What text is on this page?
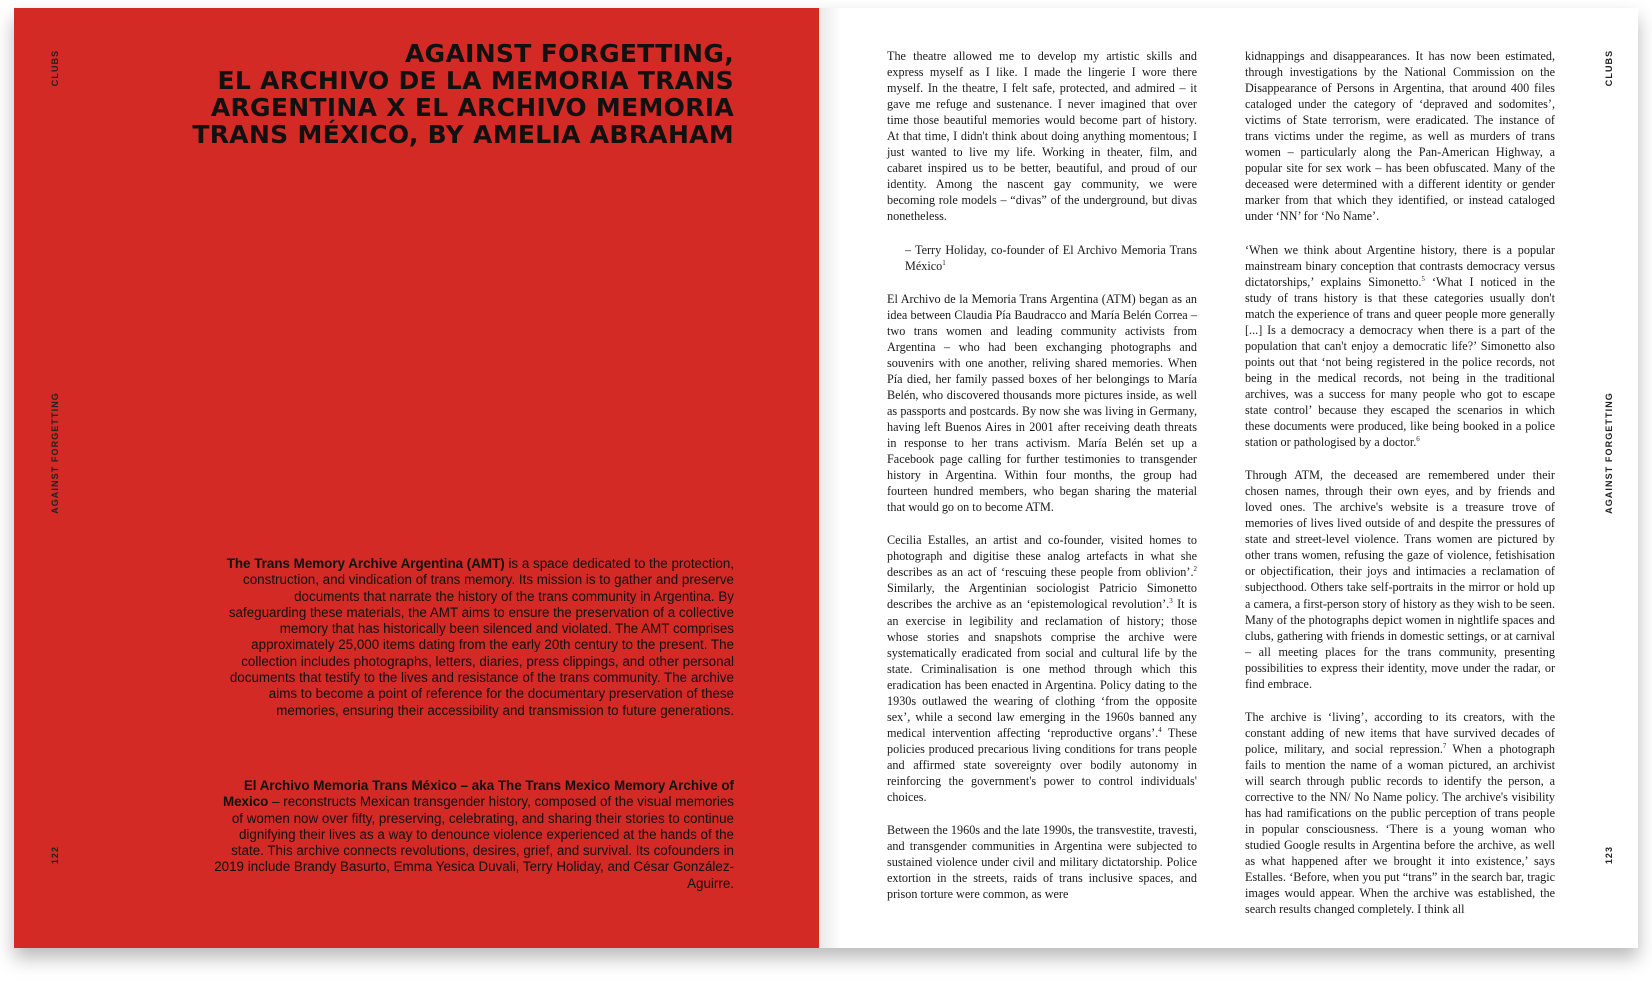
CLUBS
AGAINST FORGETTING
122
AGAINST FORGETTING,
EL ARCHIVO DE LA MEMORIA TRANS
ARGENTINA X EL ARCHIVO MEMORIA
TRANS MÉXICO, BY AMELIA ABRAHAM

The Trans Memory Archive Argentina (AMT) is a space dedicated to the protection, construction, and vindication of trans memory. Its mission is to gather and preserve documents that narrate the history of the trans community in Argentina. By safeguarding these materials, the AMT aims to ensure the preservation of a collective memory that has historically been silenced and violated. The AMT comprises approximately 25,000 items dating from the early 20th century to the present. The collection includes photographs, letters, diaries, press clippings, and other personal documents that testify to the lives and resistance of the trans community. The archive aims to become a point of reference for the documentary preservation of these memories, ensuring their accessibility and transmission to future generations.

El Archivo Memoria Trans México – aka The Trans Mexico Memory Archive of Mexico – reconstructs Mexican transgender history, composed of the visual memories of women now over fifty, preserving, celebrating, and sharing their stories to continue dignifying their lives as a way to denounce violence experienced at the hands of the state. This archive connects revolutions, desires, grief, and survival. Its cofounders in 2019 include Brandy Basurto, Emma Yesica Duvali, Terry Holiday, and César González-Aguirre.

The theatre allowed me to develop my artistic skills and express myself as I like. I made the lingerie I wore there myself. In the theatre, I felt safe, protected, and admired – it gave me refuge and sustenance. I never imagined that over time those beautiful memories would become part of history. At that time, I didn't think about doing anything momentous; I just wanted to live my life. Working in theater, film, and cabaret inspired us to be better, beautiful, and proud of our identity. Among the nascent gay community, we were becoming role models – “divas” of the underground, but divas nonetheless.

– Terry Holiday, co-founder of El Archivo Memoria Trans México$^1$

El Archivo de la Memoria Trans Argentina (ATM) began as an idea between Claudia Pía Baudracco and María Belén Correa – two trans women and leading community activists from Argentina – who had been exchanging photographs and souvenirs with one another, reliving shared memories. When Pía died, her family passed boxes of her belongings to María Belén, who discovered thousands more pictures inside, as well as passports and postcards. By now she was living in Germany, having left Buenos Aires in 2001 after receiving death threats in response to her trans activism. María Belén set up a Facebook page calling for further testimonies to transgender history in Argentina. Within four months, the group had fourteen hundred members, who began sharing the material that would go on to become ATM.

Cecilia Estalles, an artist and co-founder, visited homes to photograph and digitise these analog artefacts in what she describes as an act of ‘rescuing these people from oblivion’.$^2$ Similarly, the Argentinian sociologist Patricio Simonetto describes the archive as an ‘epistemological revolution’.$^3$ It is an exercise in legibility and reclamation of history; those whose stories and snapshots comprise the archive were systematically eradicated from social and cultural life by the state. Criminalisation is one method through which this eradication has been enacted in Argentina. Policy dating to the 1930s outlawed the wearing of clothing ‘from the opposite sex’, while a second law emerging in the 1960s banned any medical intervention affecting ‘reproductive organs’.$^4$ These policies produced precarious living conditions for trans people and affirmed state sovereignty over bodily autonomy in reinforcing the government's power to control individuals' choices.

Between the 1960s and the late 1990s, the transvestite, travesti, and transgender communities in Argentina were subjected to sustained violence under civil and military dictatorship. Police extortion in the streets, raids of trans inclusive spaces, and prison torture were common, as were

kidnappings and disappearances. It has now been estimated, through investigations by the National Commission on the Disappearance of Persons in Argentina, that around 400 files cataloged under the category of ‘depraved and sodomites’, victims of State terrorism, were eradicated. The instance of trans victims under the regime, as well as murders of trans women – particularly along the Pan-American Highway, a popular site for sex work – has been obfuscated. Many of the deceased were determined with a different identity or gender marker from that which they identified, or instead cataloged under ‘NN’ for ‘No Name’.

‘When we think about Argentine history, there is a popular mainstream binary conception that contrasts democracy versus dictatorships,’ explains Simonetto.$^5$ ‘What I noticed in the study of trans history is that these categories usually don't match the experience of trans and queer people more generally [...] Is a democracy a democracy when there is a part of the population that can't enjoy a democratic life?’ Simonetto also points out that ‘not being registered in the police records, not being in the medical records, not being in the traditional archives, was a success for many people who got to escape state control’ because they escaped the scenarios in which these documents were produced, like being booked in a police station or pathologised by a doctor.$^6$

Through ATM, the deceased are remembered under their chosen names, through their own eyes, and by friends and loved ones. The archive's website is a treasure trove of memories of lives lived outside of and despite the pressures of state and street-level violence. Trans women are pictured by other trans women, refusing the gaze of violence, fetishisation or objectification, their joys and intimacies a reclamation of subjecthood. Others take self-portraits in the mirror or hold up a camera, a first-person story of history as they wish to be seen. Many of the photographs depict women in nightlife spaces and clubs, gathering with friends in domestic settings, or at carnival – all meeting places for the trans community, presenting possibilities to express their identity, move under the radar, or find embrace.

The archive is ‘living’, according to its creators, with the constant adding of new items that have survived decades of police, military, and social repression.$^7$ When a photograph fails to mention the name of a woman pictured, an archivist will search through public records to identify the person, a corrective to the NN/ No Name policy. The archive's visibility has had ramifications on the public perception of trans people in popular consciousness. ‘There is a young woman who studied Google results in Argentina before the archive, as well as what happened after we brought it into existence,’ says Estalles. ‘Before, when you put “trans” in the search bar, tragic images would appear. When the archive was established, the search results changed completely. I think all

CLUBS
AGAINST FORGETTING
123
